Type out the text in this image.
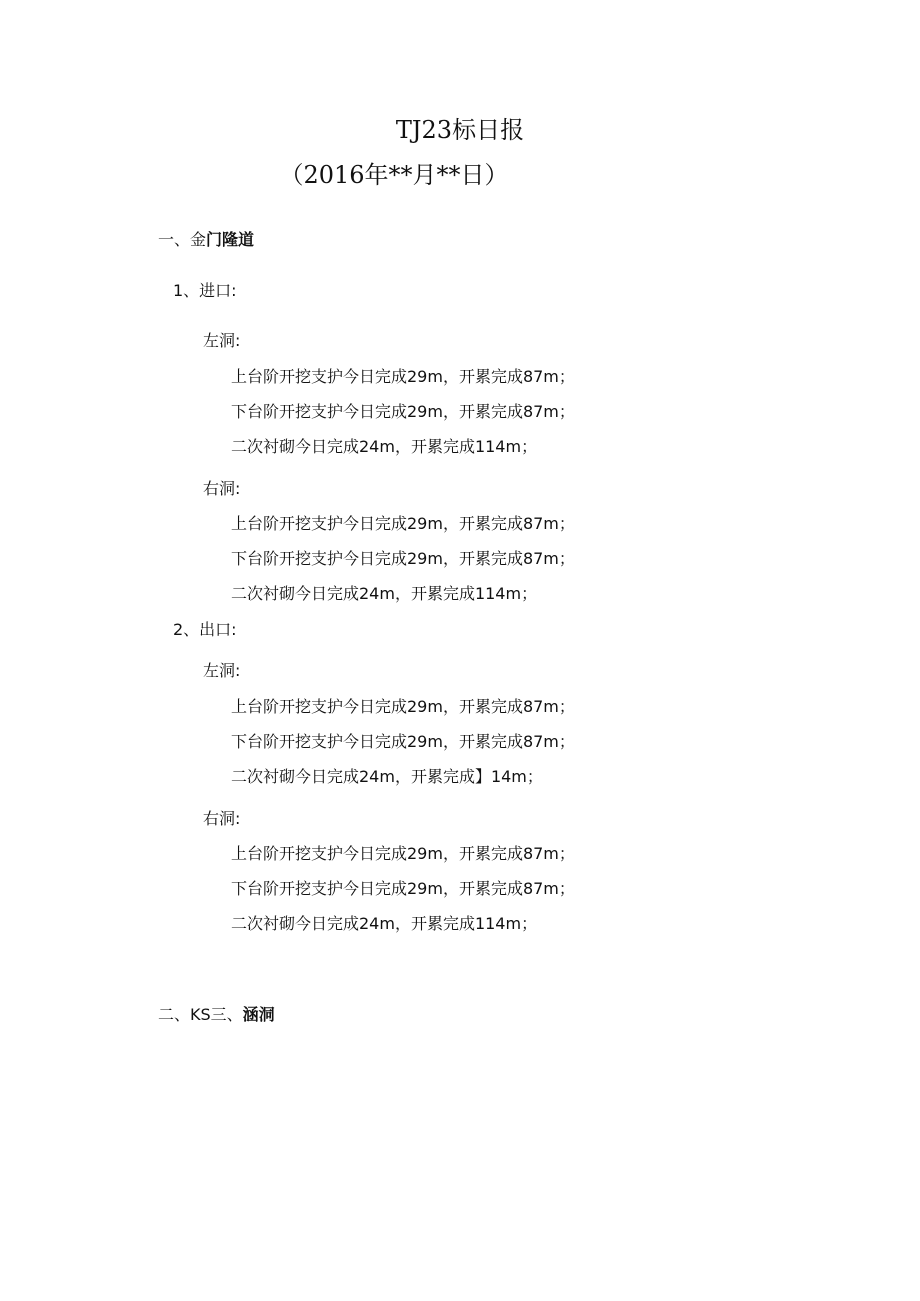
TJ23标日报
（2016年**月**日）
一、金门隆道
1、进口:
左洞:
上台阶开挖支护今日完成29m，开累完成87m；
下台阶开挖支护今日完成29m，开累完成87m；
二次衬砌今日完成24m，开累完成114m；
右洞:
上台阶开挖支护今日完成29m，开累完成87m；
下台阶开挖支护今日完成29m，开累完成87m；
二次衬砌今日完成24m，开累完成114m；
2、出口:
左洞:
上台阶开挖支护今日完成29m，开累完成87m；
下台阶开挖支护今日完成29m，开累完成87m；
二次衬砌今日完成24m，开累完成】14m；
右洞:
上台阶开挖支护今日完成29m，开累完成87m；
下台阶开挖支护今日完成29m，开累完成87m；
二次衬砌今日完成24m，开累完成114m；
二、KS三、涵洞
